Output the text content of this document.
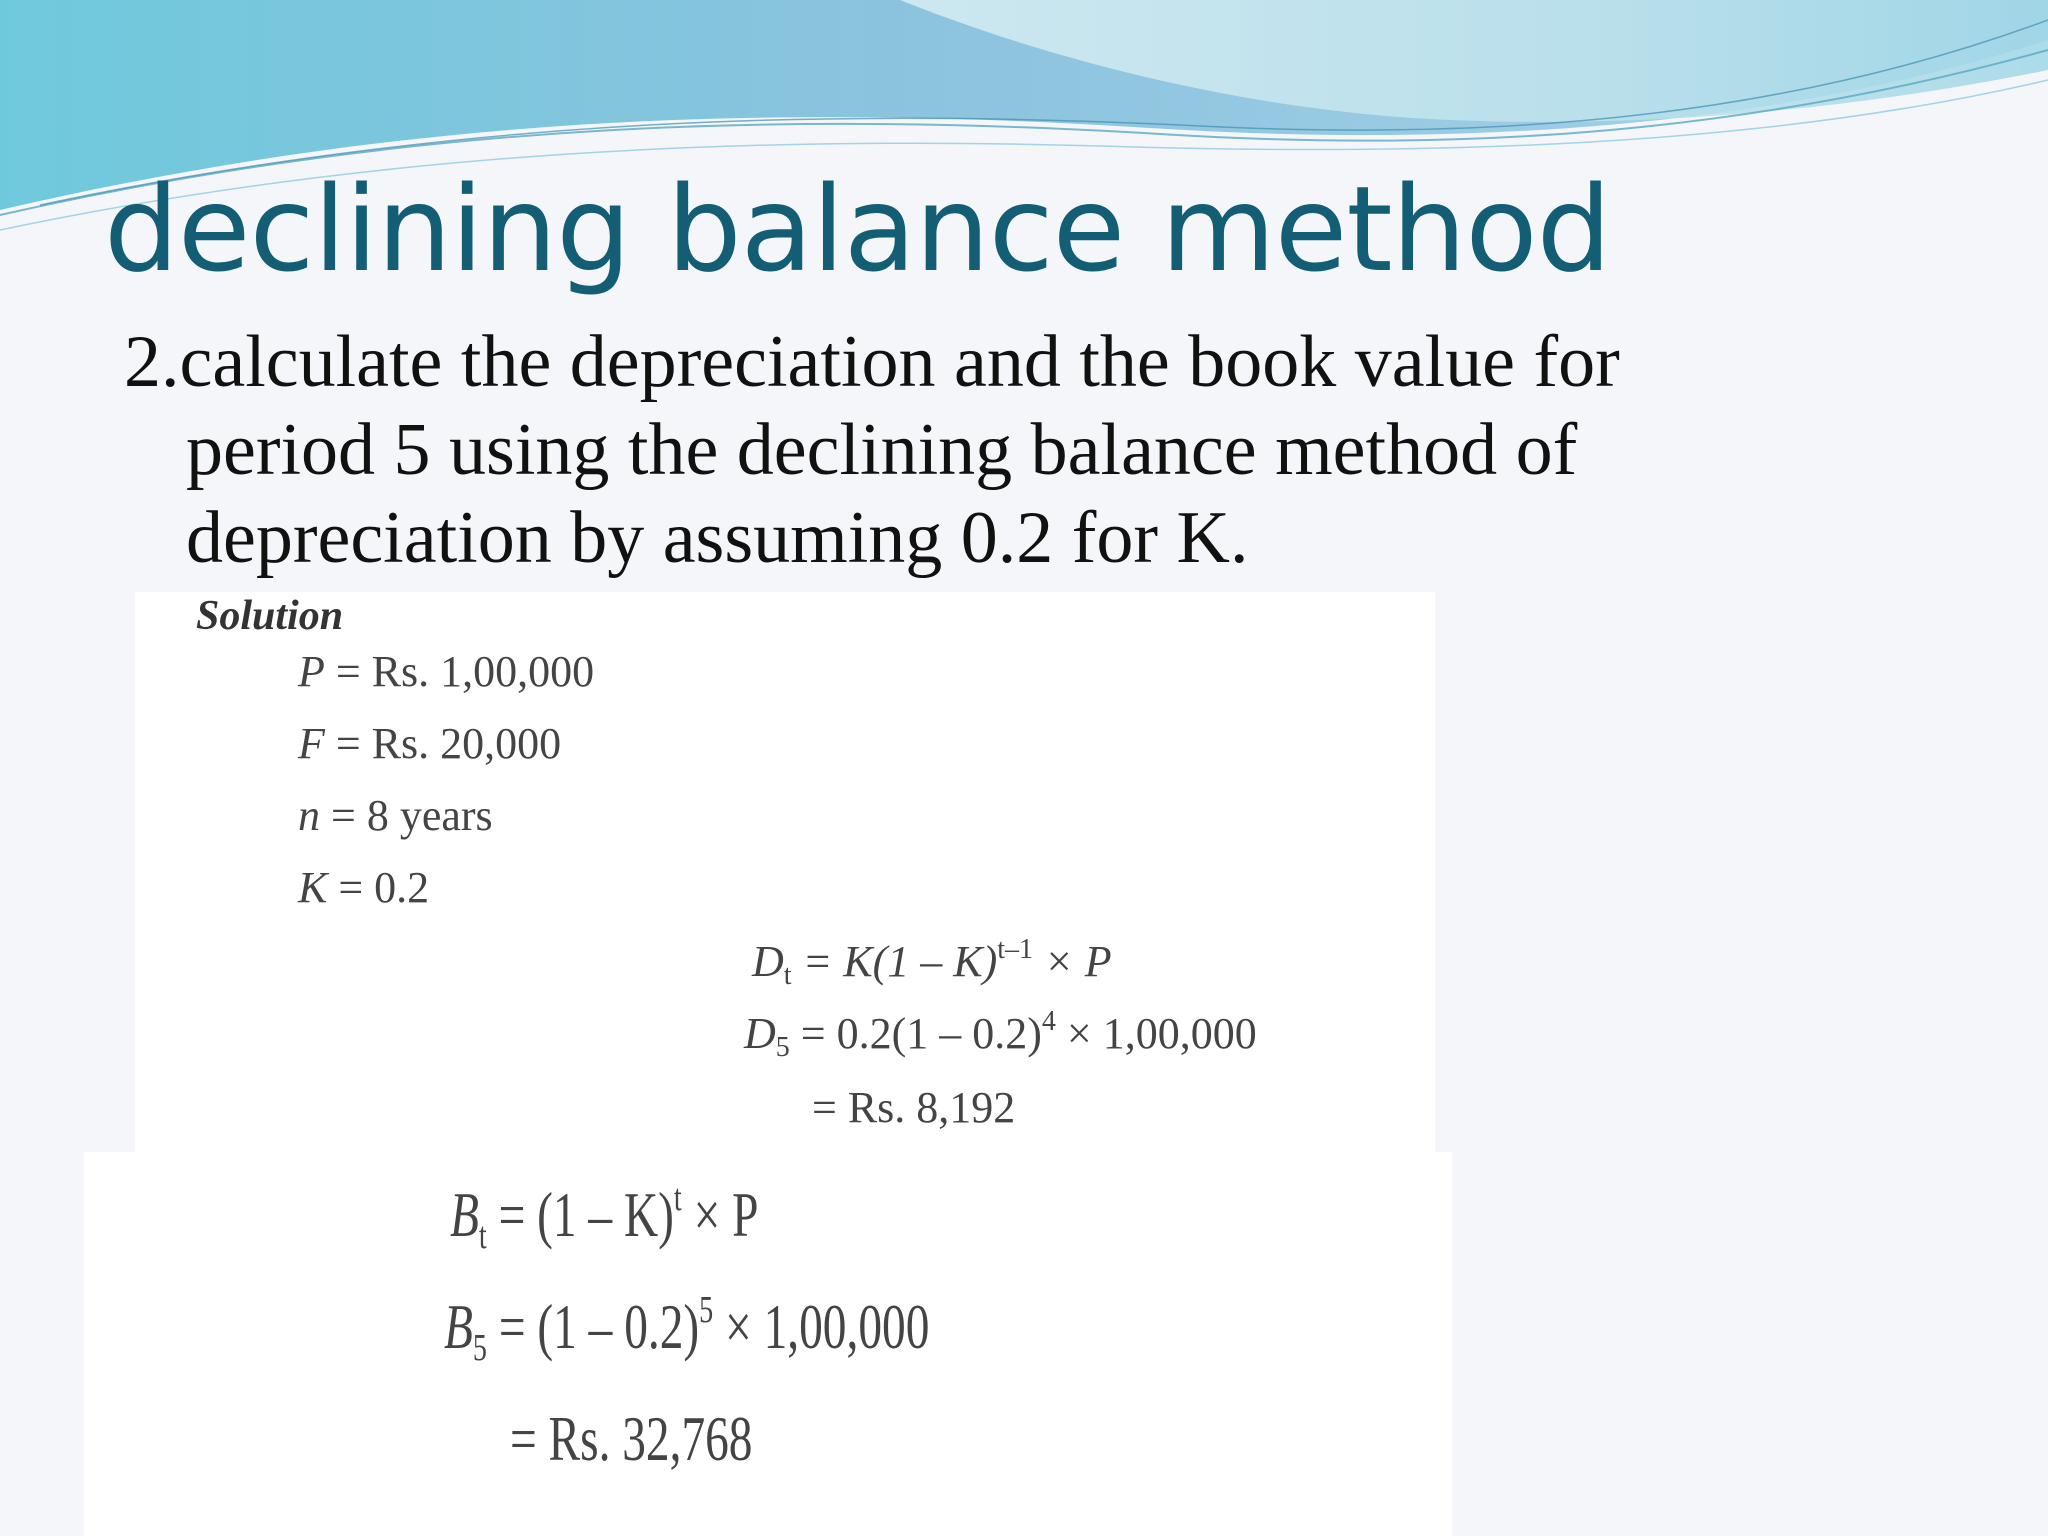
declining balance method
2.calculate the depreciation and the book value for
period 5 using the declining balance method of
depreciation by assuming 0.2 for K.
Solution
P = Rs. 1,00,000
F = Rs. 20,000
n = 8 years
K = 0.2
$D_t = K(1 - K)^{t-1} \times P$
$D_5 = 0.2(1 - 0.2)^4 \times 1,00,000$
= Rs. 8,192
$B_t = (1 - K)^t \times P$
$B_5 = (1 - 0.2)^5 \times 1,00,000$
= Rs. 32,768
